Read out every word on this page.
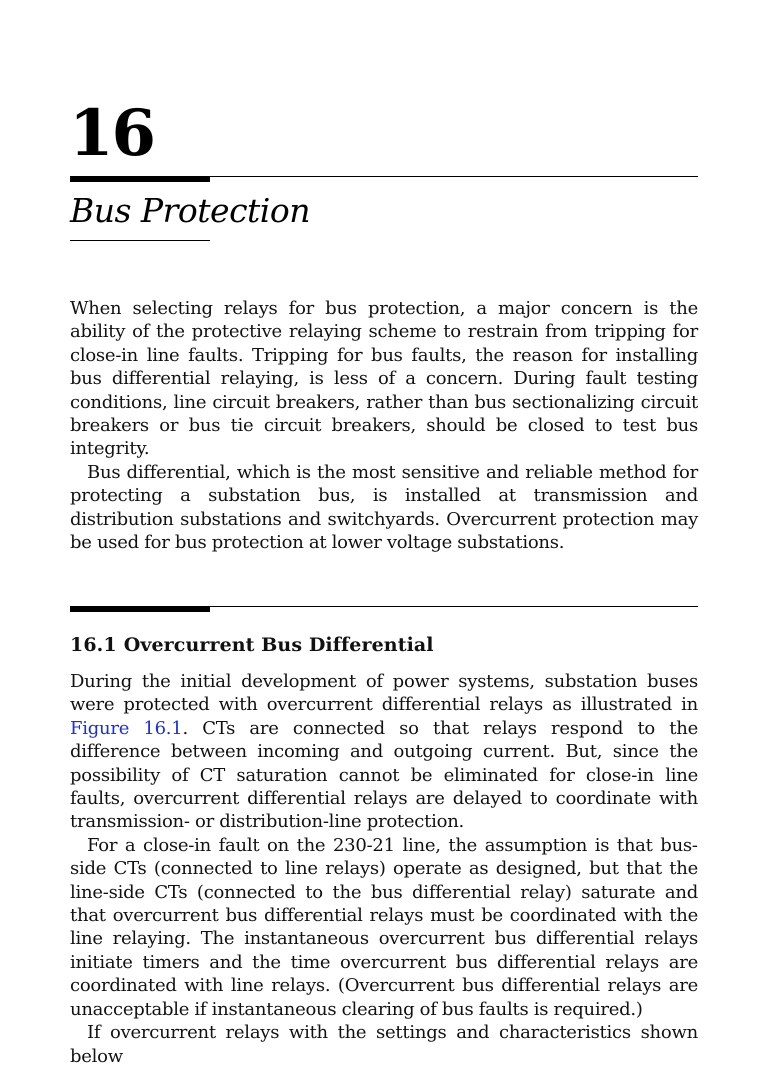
16
Bus Protection

When selecting relays for bus protection, a major concern is the ability of the protective relaying scheme to restrain from tripping for close-in line faults. Tripping for bus faults, the reason for installing bus differential relaying, is less of a concern. During fault testing conditions, line circuit breakers, rather than bus sectionalizing circuit breakers or bus tie circuit breakers, should be closed to test bus integrity.

Bus differential, which is the most sensitive and reliable method for protecting a substation bus, is installed at transmission and distribution substations and switchyards. Overcurrent protection may be used for bus protection at lower voltage substations.

16.1 Overcurrent Bus Differential

During the initial development of power systems, substation buses were protected with overcurrent differential relays as illustrated in Figure 16.1. CTs are connected so that relays respond to the difference between incoming and outgoing current. But, since the possibility of CT saturation cannot be eliminated for close-in line faults, overcurrent differential relays are delayed to coordinate with transmission- or distribution-line protection.

For a close-in fault on the 230-21 line, the assumption is that busside CTs (connected to line relays) operate as designed, but that the line-side CTs (connected to the bus differential relay) saturate and that overcurrent bus differential relays must be coordinated with the line relaying. The instantaneous overcurrent bus differential relays initiate timers and the time overcurrent bus differential relays are coordinated with line relays. (Overcurrent bus differential relays are unacceptable if instantaneous clearing of bus faults is required.)

If overcurrent relays with the settings and characteristics shown below
